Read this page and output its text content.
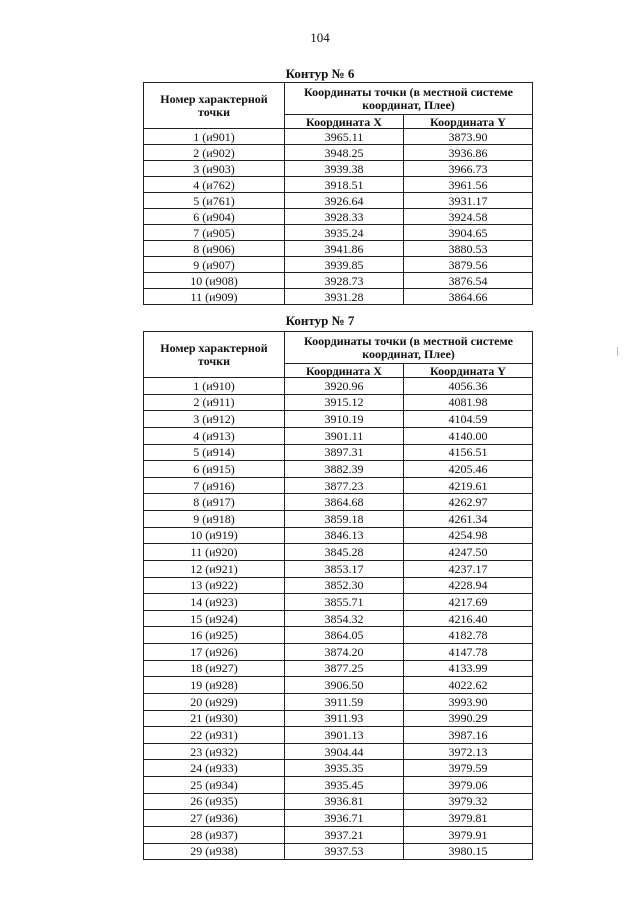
104
Контур № 6
Номер характерной точки	Координаты точки (в местной системе координат, Плее)	
	Координата X	Координата Y
1 (и901)	3965.11	3873.90
2 (и902)	3948.25	3936.86
3 (и903)	3939.38	3966.73
4 (и762)	3918.51	3961.56
5 (и761)	3926.64	3931.17
6 (и904)	3928.33	3924.58
7 (и905)	3935.24	3904.65
8 (и906)	3941.86	3880.53
9 (и907)	3939.85	3879.56
10 (и908)	3928.73	3876.54
11 (и909)	3931.28	3864.66
Контур № 7
Номер характерной точки	Координаты точки (в местной системе координат, Плее)	
	Координата X	Координата Y
1 (и910)	3920.96	4056.36
2 (и911)	3915.12	4081.98
3 (и912)	3910.19	4104.59
4 (и913)	3901.11	4140.00
5 (и914)	3897.31	4156.51
6 (и915)	3882.39	4205.46
7 (и916)	3877.23	4219.61
8 (и917)	3864.68	4262.97
9 (и918)	3859.18	4261.34
10 (и919)	3846.13	4254.98
11 (и920)	3845.28	4247.50
12 (и921)	3853.17	4237.17
13 (и922)	3852.30	4228.94
14 (и923)	3855.71	4217.69
15 (и924)	3854.32	4216.40
16 (и925)	3864.05	4182.78
17 (и926)	3874.20	4147.78
18 (и927)	3877.25	4133.99
19 (и928)	3906.50	4022.62
20 (и929)	3911.59	3993.90
21 (и930)	3911.93	3990.29
22 (и931)	3901.13	3987.16
23 (и932)	3904.44	3972.13
24 (и933)	3935.35	3979.59
25 (и934)	3935.45	3979.06
26 (и935)	3936.81	3979.32
27 (и936)	3936.71	3979.81
28 (и937)	3937.21	3979.91
29 (и938)	3937.53	3980.15
